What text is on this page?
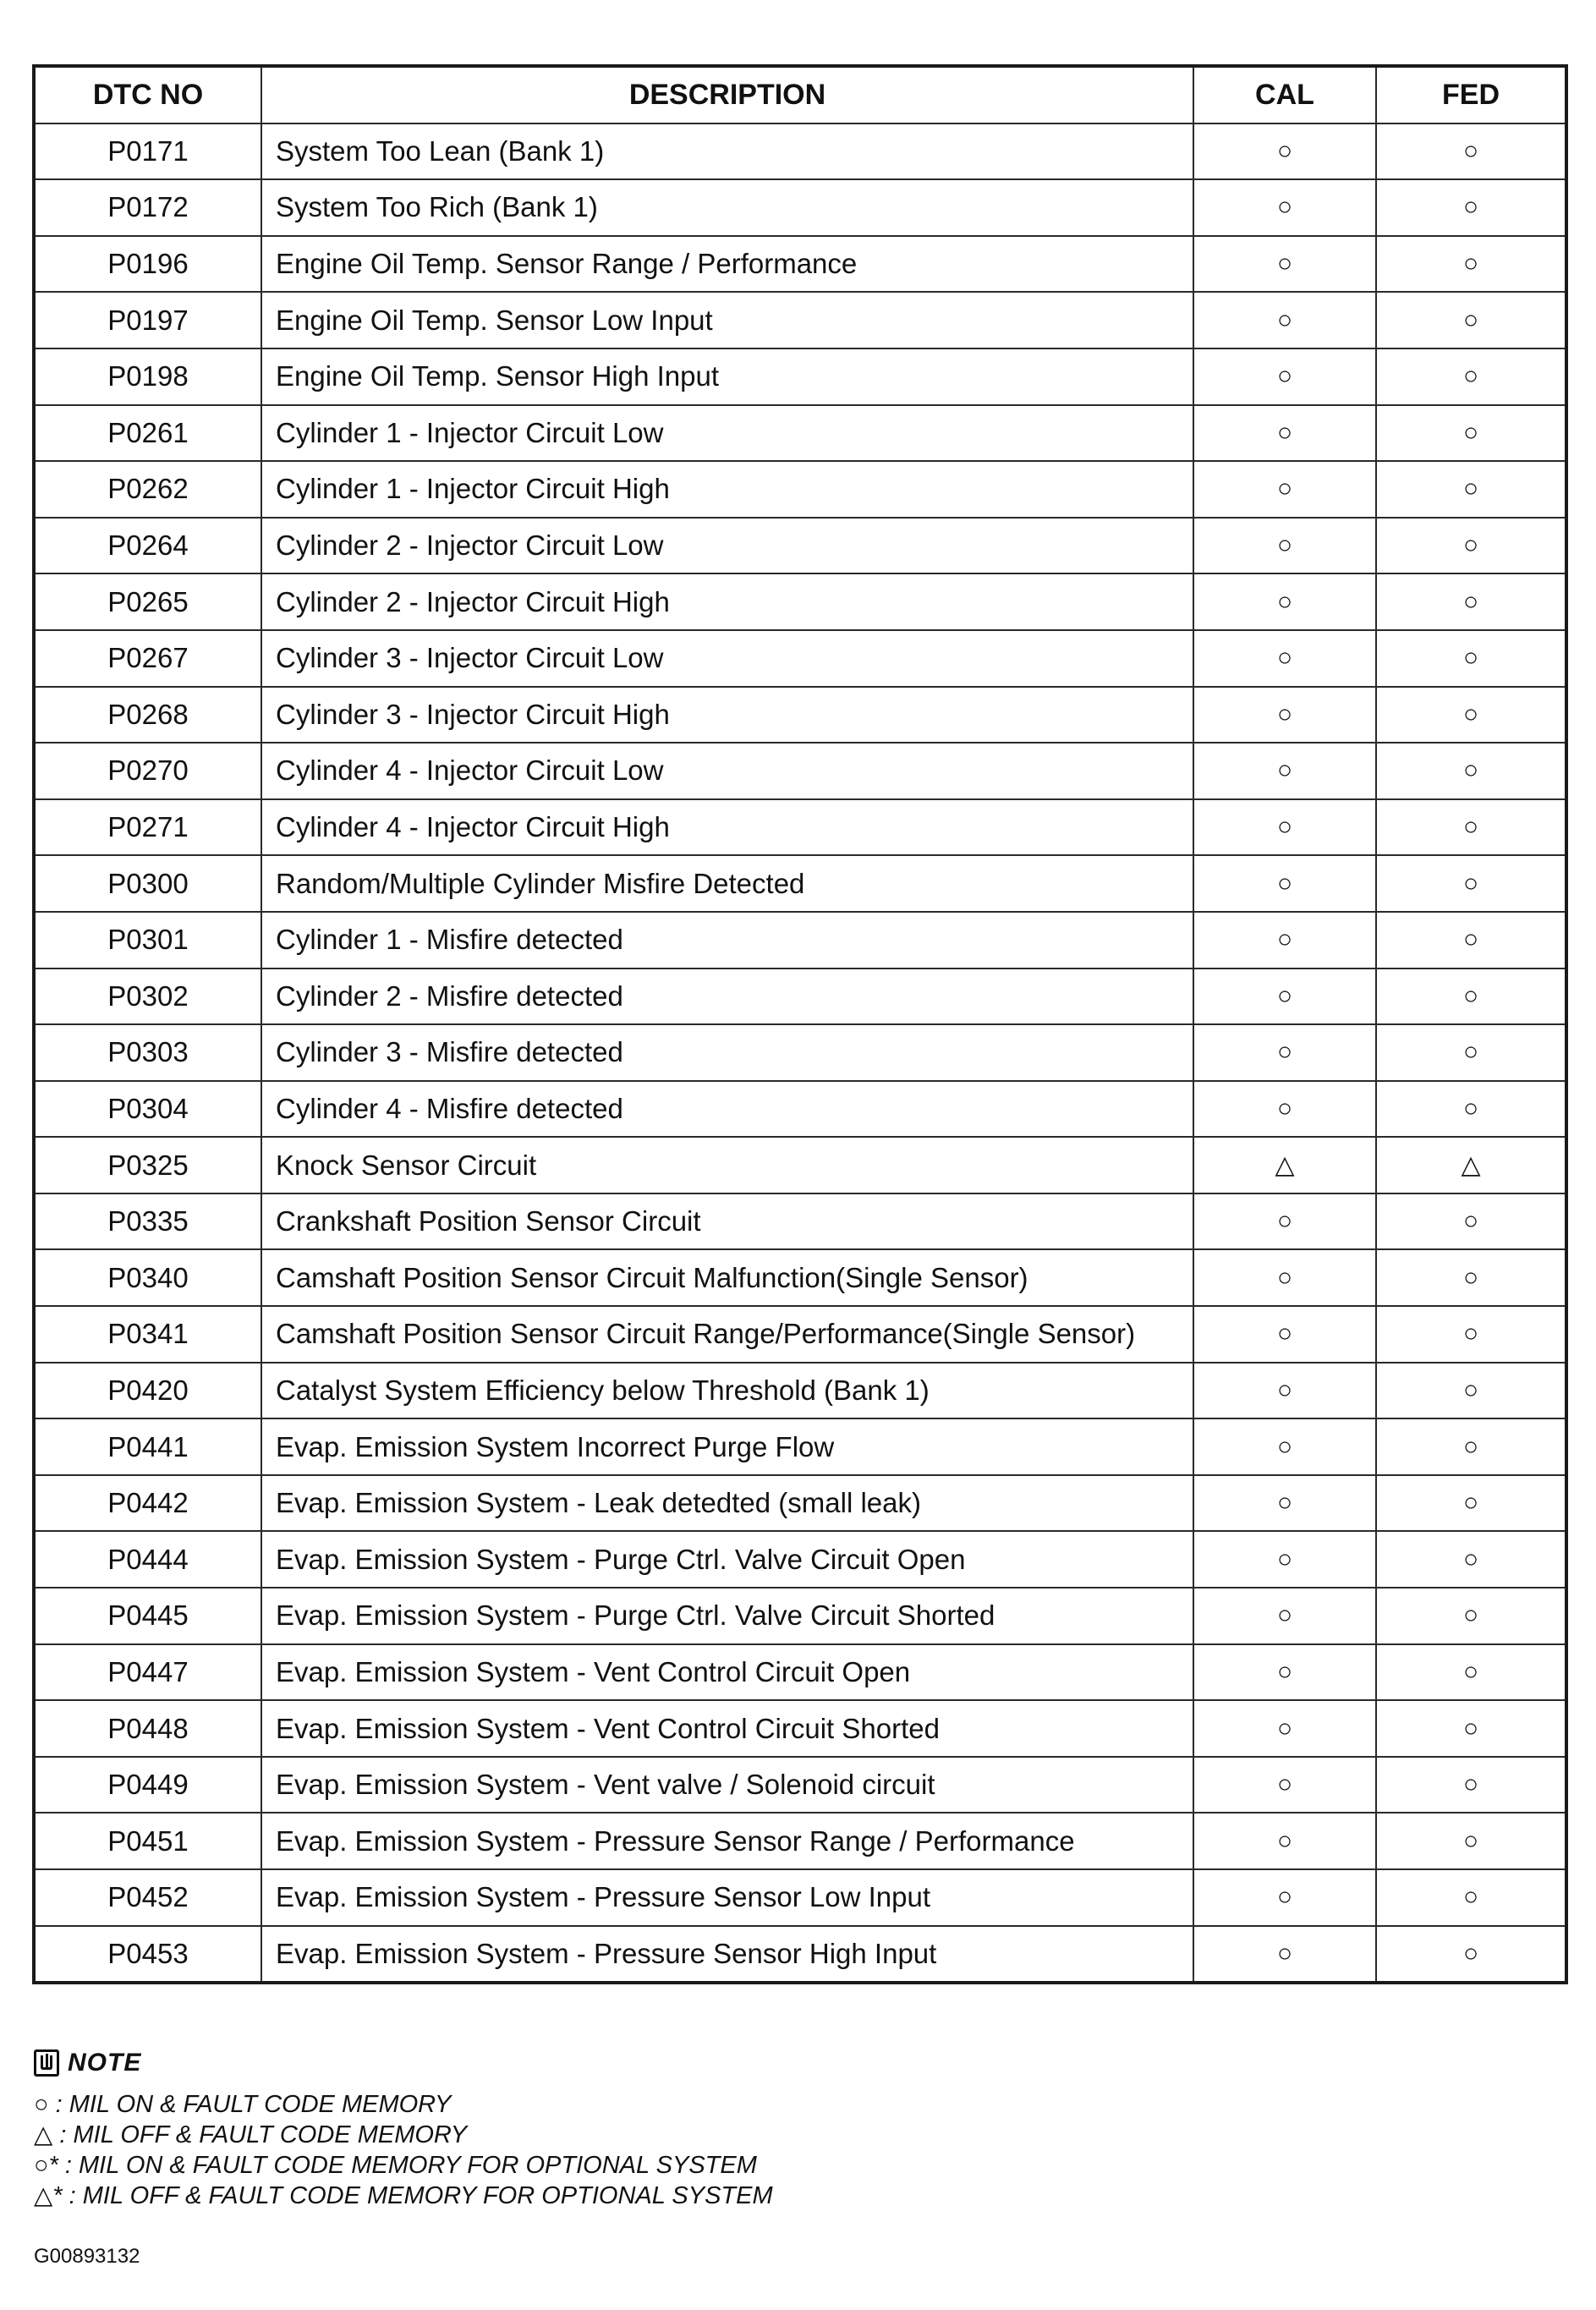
DTC NO	DESCRIPTION	CAL	FED
P0171	System Too Lean (Bank 1)	○	○
P0172	System Too Rich (Bank 1)	○	○
P0196	Engine Oil Temp. Sensor Range / Performance	○	○
P0197	Engine Oil Temp. Sensor Low Input	○	○
P0198	Engine Oil Temp. Sensor High Input	○	○
P0261	Cylinder 1 - Injector Circuit Low	○	○
P0262	Cylinder 1 - Injector Circuit High	○	○
P0264	Cylinder 2 - Injector Circuit Low	○	○
P0265	Cylinder 2 - Injector Circuit High	○	○
P0267	Cylinder 3 - Injector Circuit Low	○	○
P0268	Cylinder 3 - Injector Circuit High	○	○
P0270	Cylinder 4 - Injector Circuit Low	○	○
P0271	Cylinder 4 - Injector Circuit High	○	○
P0300	Random/Multiple Cylinder Misfire Detected	○	○
P0301	Cylinder 1 - Misfire detected	○	○
P0302	Cylinder 2 - Misfire detected	○	○
P0303	Cylinder 3 - Misfire detected	○	○
P0304	Cylinder 4 - Misfire detected	○	○
P0325	Knock Sensor Circuit	△	△
P0335	Crankshaft Position Sensor Circuit	○	○
P0340	Camshaft Position Sensor Circuit Malfunction(Single Sensor)	○	○
P0341	Camshaft Position Sensor Circuit Range/Performance(Single Sensor)	○	○
P0420	Catalyst System Efficiency below Threshold (Bank 1)	○	○
P0441	Evap. Emission System Incorrect Purge Flow	○	○
P0442	Evap. Emission System - Leak detedted (small leak)	○	○
P0444	Evap. Emission System - Purge Ctrl. Valve Circuit Open	○	○
P0445	Evap. Emission System - Purge Ctrl. Valve Circuit Shorted	○	○
P0447	Evap. Emission System - Vent Control Circuit Open	○	○
P0448	Evap. Emission System - Vent Control Circuit Shorted	○	○
P0449	Evap. Emission System - Vent valve / Solenoid circuit	○	○
P0451	Evap. Emission System - Pressure Sensor Range / Performance	○	○
P0452	Evap. Emission System - Pressure Sensor Low Input	○	○
P0453	Evap. Emission System - Pressure Sensor High Input	○	○
NOTE
○ : MIL ON & FAULT CODE MEMORY
△ : MIL OFF & FAULT CODE MEMORY
○* : MIL ON & FAULT CODE MEMORY FOR OPTIONAL SYSTEM
△* : MIL OFF & FAULT CODE MEMORY FOR OPTIONAL SYSTEM
G00893132
